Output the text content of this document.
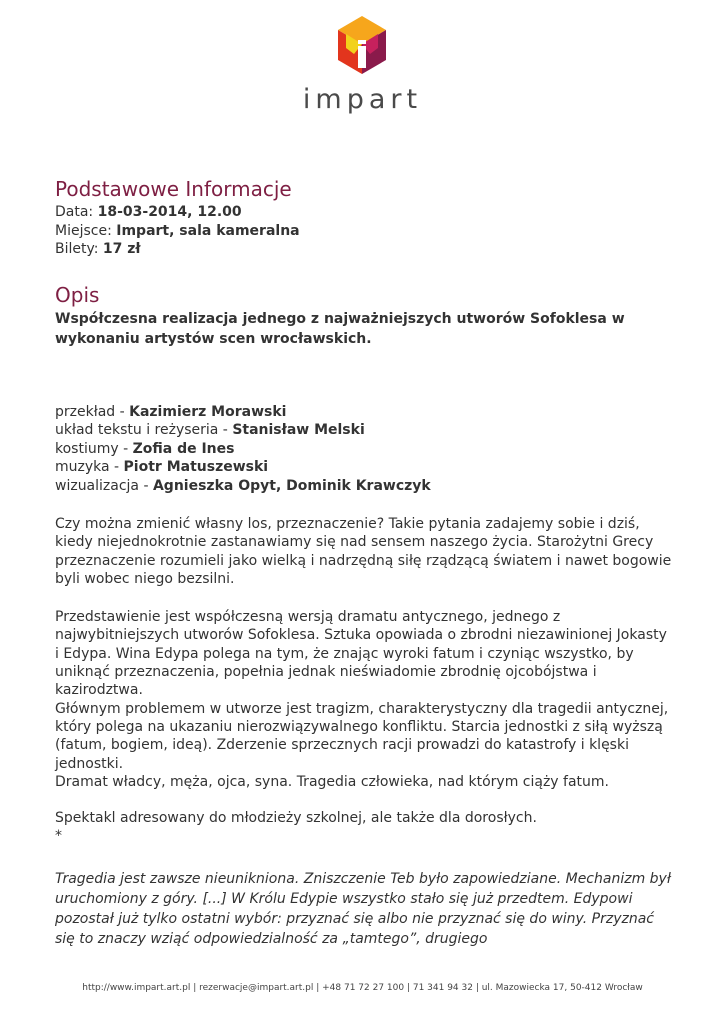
impart
Podstawowe Informacje
Data: 18-03-2014, 12.00
Miejsce: Impart, sala kameralna
Bilety: 17 zł
Opis

Współczesna realizacja jednego z najważniejszych utworów Sofoklesa w wykonaniu artystów scen wrocławskich.

przekład - Kazimierz Morawski
układ tekstu i reżyseria - Stanisław Melski
kostiumy - Zofia de Ines
muzyka - Piotr Matuszewski
wizualizacja - Agnieszka Opyt, Dominik Krawczyk

Czy można zmienić własny los, przeznaczenie? Takie pytania zadajemy sobie i dziś, kiedy niejednokrotnie zastanawiamy się nad sensem naszego życia. Starożytni Grecy przeznaczenie rozumieli jako wielką i nadrzędną siłę rządzącą światem i nawet bogowie byli wobec niego bezsilni.

Przedstawienie jest współczesną wersją dramatu antycznego, jednego z najwybitniejszych utworów Sofoklesa. Sztuka opowiada o zbrodni niezawinionej Jokasty i Edypa. Wina Edypa polega na tym, że znając wyroki fatum i czyniąc wszystko, by uniknąć przeznaczenia, popełnia jednak nieświadomie zbrodnię ojcobójstwa i kazirodztwa.

Głównym problemem w utworze jest tragizm, charakterystyczny dla tragedii antycznej, który polega na ukazaniu nierozwiązywalnego konfliktu. Starcia jednostki z siłą wyższą (fatum, bogiem, ideą). Zderzenie sprzecznych racji prowadzi do katastrofy i klęski jednostki.

Dramat władcy, męża, ojca, syna. Tragedia człowieka, nad którym ciąży fatum.

Spektakl adresowany do młodzieży szkolnej, ale także dla dorosłych.

*

Tragedia jest zawsze nieunikniona. Zniszczenie Teb było zapowiedziane. Mechanizm był uruchomiony z góry. [...] W Królu Edypie wszystko stało się już przedtem. Edypowi pozostał już tylko ostatni wybór: przyznać się albo nie przyznać się do winy. Przyznać się to znaczy wziąć odpowiedzialność za „tamtego”, drugiego

http://www.impart.art.pl | rezerwacje@impart.art.pl | +48 71 72 27 100 | 71 341 94 32 | ul. Mazowiecka 17, 50-412 Wrocław
